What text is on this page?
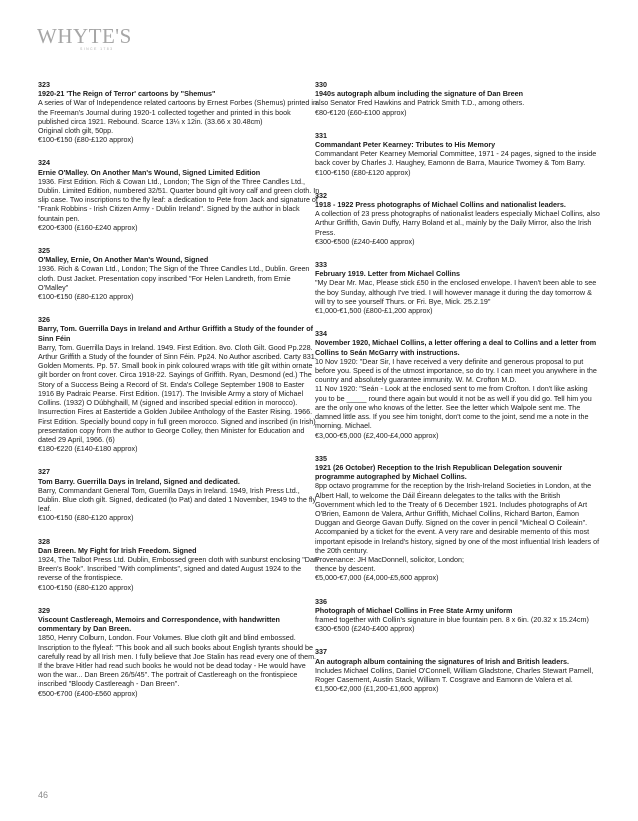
WHYTE'S
SINCE 1783

323

1920-21 'The Reign of Terror' cartoons by "Shemus"

A series of War of Independence related cartoons by Ernest Forbes (Shemus) printed in the Freeman's Journal during 1920-1 collected together and printed in this book published circa 1921. Rebound. Scarce 13¼ x 12in. (33.66 x 30.48cm)

Original cloth gilt, 50pp.

€100-€150 (£80-£120 approx)

324

Ernie O'Malley. On Another Man's Wound, Signed Limited Edition

1936. First Edition. Rich & Cowan Ltd., London; The Sign of the Three Candles Ltd., Dublin. Limited Edition, numbered 32/51. Quarter bound gilt ivory calf and green cloth. In slip case. Two inscriptions to the fly leaf: a dedication to Pete from Jack and signature of "Frank Robbins - Irish Citizen Army - Dublin Ireland". Signed by the author in black fountain pen.

€200-€300 (£160-£240 approx)

325

O'Malley, Ernie, On Another Man's Wound, Signed

1936. Rich & Cowan Ltd., London; The Sign of the Three Candles Ltd., Dublin. Green cloth. Dust Jacket. Presentation copy inscribed "For Helen Landreth, from Ernie O'Malley"

€100-€150 (£80-£120 approx)

326

Barry, Tom. Guerrilla Days in Ireland and Arthur Griffith a Study of the founder of Sinn Féin

Barry, Tom. Guerrilla Days in Ireland. 1949. First Edition. 8vo. Cloth Gilt. Good Pp.228. Arthur Griffith a Study of the founder of Sinn Féin. Pp24. No Author ascribed. Carty 831. Golden Moments. Pp. 57. Small book in pink coloured wraps with title gilt within ornate gilt border on front cover. Circa 1918-22. Sayings of Griffith. Ryan, Desmond (ed.) The Story of a Success Being a Record of St. Enda's College September 1908 to Easter 1916 By Padraic Pearse. First Edition. (1917). The Invisible Army a story of Michael Collins. (1932) O Dúbhghaill, M (signed and inscribed special edition in morocco). Insurrection Fires at Eastertide a Golden Jubilee Anthology of the Easter Rising. 1966. First Edition. Specially bound copy in full green morocco. Signed and inscribed (in Irish) presentation copy from the author to George Colley, then Minister for Education and dated 29 April, 1966. (6)

€180-€220 (£140-£180 approx)

327

Tom Barry. Guerrilla Days in Ireland, Signed and dedicated.

Barry, Commandant General Tom, Guerrilla Days in Ireland. 1949, Irish Press Ltd., Dublin. Blue cloth gilt. Signed, dedicated (to Pat) and dated 1 November, 1949 to the fly leaf.

€100-€150 (£80-£120 approx)

328

Dan Breen. My Fight for Irish Freedom. Signed

1924, The Talbot Press Ltd. Dublin, Embossed green cloth with sunburst enclosing "Dan Breen's Book". Inscribed "With compliments", signed and dated August 1924 to the reverse of the frontispiece.

€100-€150 (£80-£120 approx)

329

Viscount Castlereagh, Memoirs and Correspondence, with handwritten commentary by Dan Breen.

1850, Henry Colburn, London. Four Volumes. Blue cloth gilt and blind embossed. Inscription to the flyleaf: "This book and all such books about English tyrants should be carefully read by all Irish men. I fully believe that Joe Stalin has read every one of them. If the brave Hitler had read such books he would not be dead today - He would have won the war... Dan Breen 26/5/45". The portrait of Castlereagh on the frontispiece inscribed "Bloody Castlereagh - Dan Breen".

€500-€700 (£400-£560 approx)

330

1940s autograph album including the signature of Dan Breen

also Senator Fred Hawkins and Patrick Smith T.D., among others.

€80-€120 (£60-£100 approx)

331

Commandant Peter Kearney: Tributes to His Memory

Commandant Peter Kearney Memorial Committee, 1971 - 24 pages, signed to the inside back cover by Charles J. Haughey, Eamonn de Barra, Maurice Twomey & Tom Barry.

€100-€150 (£80-£120 approx)

332

1918 - 1922 Press photographs of Michael Collins and nationalist leaders.

A collection of 23 press photographs of nationalist leaders especially Michael Collins, also Arthur Griffith, Gavin Duffy, Harry Boland et al., mainly by the Daily Mirror, also the Irish Press.

€300-€500 (£240-£400 approx)

333

February 1919. Letter from Michael Collins

"My Dear Mr. Mac, Please stick £50 in the enclosed envelope. I haven't been able to see the boy Sunday, although I've tried. I will however manage it during the day tomorrow & will try to see yourself Thurs. or Fri. Bye, Mick. 25.2.19"

€1,000-€1,500 (£800-£1,200 approx)

334

November 1920, Michael Collins, a letter offering a deal to Collins and a letter from Collins to Seán McGarry with instructions.

10 Nov 1920: "Dear Sir, I have received a very definite and generous proposal to put before you. Speed is of the utmost importance, so do try. I can meet you anywhere in the country and absolutely guarantee immunity. W. M. Crofton M.D.

11 Nov 1920: "Seán - Look at the enclosed sent to me from Crofton. I don't like asking you to be _____ round there again but would it not be as well if you did go. Tell him you are the only one who knows of the letter. See the letter which Walpole sent me. The damned little ass. If you see him tonight, don't come to the joint, send me a note in the morning. Michael.

€3,000-€5,000 (£2,400-£4,000 approx)

335

1921 (26 October) Reception to the Irish Republican Delegation souvenir programme autographed by Michael Collins.

8pp octavo programme for the reception by the Irish-Ireland Societies in London, at the Albert Hall, to welcome the Dáil Éireann delegates to the talks with the British Government which led to the Treaty of 6 December 1921. Includes photographs of Art O'Brien, Eamonn de Valera, Arthur Griffith, Michael Collins, Richard Barton, Éamon Duggan and George Gavan Duffy. Signed on the cover in pencil "Micheal O Coileain". Accompanied by a ticket for the event. A very rare and desirable memento of this most important episode in Ireland's history, signed by one of the most influential Irish leaders of the 20th century.

Provenance: JH MacDonnell, solicitor, London;

thence by descent.

€5,000-€7,000 (£4,000-£5,600 approx)

336

Photograph of Michael Collins in Free State Army uniform

framed together with Collin's signature in blue fountain pen. 8 x 6in. (20.32 x 15.24cm)

€300-€500 (£240-£400 approx)

337

An autograph album containing the signatures of Irish and British leaders.

Includes Michael Collins, Daniel O'Connell, William Gladstone, Charles Stewart Parnell, Roger Casement, Austin Stack, William T. Cosgrave and Eamonn de Valera et al.

€1,500-€2,000 (£1,200-£1,600 approx)

46
